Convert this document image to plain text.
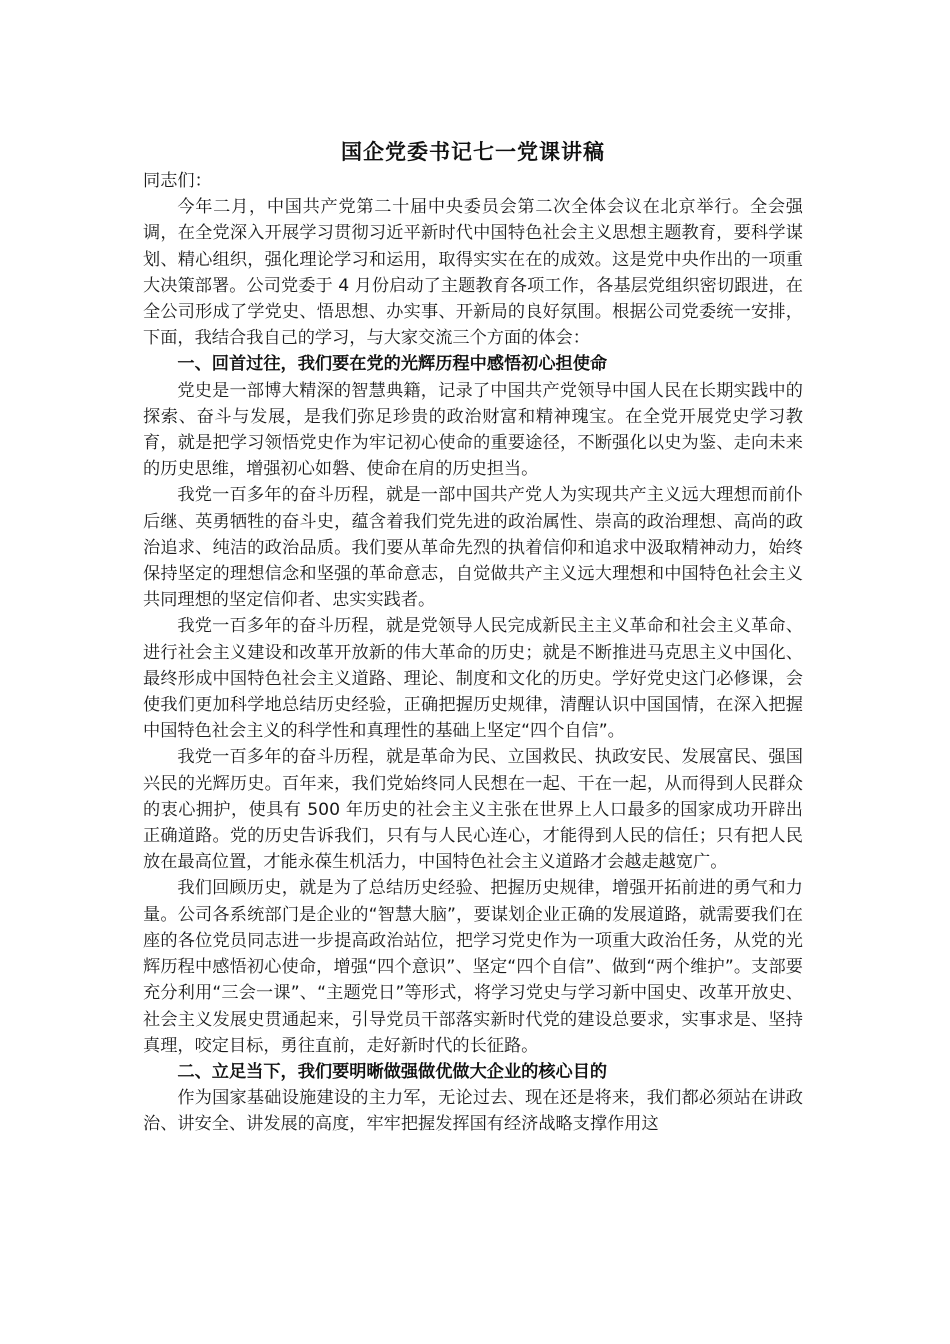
国企党委书记七一党课讲稿

同志们：

今年二月，中国共产党第二十届中央委员会第二次全体会议在北京举行。全会强调，在全党深入开展学习贯彻习近平新时代中国特色社会主义思想主题教育，要科学谋划、精心组织，强化理论学习和运用，取得实实在在的成效。这是党中央作出的一项重大决策部署。公司党委于 4 月份启动了主题教育各项工作，各基层党组织密切跟进，在全公司形成了学党史、悟思想、办实事、开新局的良好氛围。根据公司党委统一安排，下面，我结合我自己的学习，与大家交流三个方面的体会：

一、回首过往，我们要在党的光辉历程中感悟初心担使命

党史是一部博大精深的智慧典籍，记录了中国共产党领导中国人民在长期实践中的探索、奋斗与发展，是我们弥足珍贵的政治财富和精神瑰宝。在全党开展党史学习教育，就是把学习领悟党史作为牢记初心使命的重要途径，不断强化以史为鉴、走向未来的历史思维，增强初心如磐、使命在肩的历史担当。

我党一百多年的奋斗历程，就是一部中国共产党人为实现共产主义远大理想而前仆后继、英勇牺牲的奋斗史，蕴含着我们党先进的政治属性、崇高的政治理想、高尚的政治追求、纯洁的政治品质。我们要从革命先烈的执着信仰和追求中汲取精神动力，始终保持坚定的理想信念和坚强的革命意志，自觉做共产主义远大理想和中国特色社会主义共同理想的坚定信仰者、忠实实践者。

我党一百多年的奋斗历程，就是党领导人民完成新民主主义革命和社会主义革命、进行社会主义建设和改革开放新的伟大革命的历史；就是不断推进马克思主义中国化、最终形成中国特色社会主义道路、理论、制度和文化的历史。学好党史这门必修课，会使我们更加科学地总结历史经验，正确把握历史规律，清醒认识中国国情，在深入把握中国特色社会主义的科学性和真理性的基础上坚定“四个自信”。

我党一百多年的奋斗历程，就是革命为民、立国救民、执政安民、发展富民、强国兴民的光辉历史。百年来，我们党始终同人民想在一起、干在一起，从而得到人民群众的衷心拥护，使具有 500 年历史的社会主义主张在世界上人口最多的国家成功开辟出正确道路。党的历史告诉我们，只有与人民心连心，才能得到人民的信任；只有把人民放在最高位置，才能永葆生机活力，中国特色社会主义道路才会越走越宽广。

我们回顾历史，就是为了总结历史经验、把握历史规律，增强开拓前进的勇气和力量。公司各系统部门是企业的“智慧大脑”，要谋划企业正确的发展道路，就需要我们在座的各位党员同志进一步提高政治站位，把学习党史作为一项重大政治任务，从党的光辉历程中感悟初心使命，增强“四个意识”、坚定“四个自信”、做到“两个维护”。支部要充分利用“三会一课”、“主题党日”等形式，将学习党史与学习新中国史、改革开放史、社会主义发展史贯通起来，引导党员干部落实新时代党的建设总要求，实事求是、坚持真理，咬定目标，勇往直前，走好新时代的长征路。

二、立足当下，我们要明晰做强做优做大企业的核心目的

作为国家基础设施建设的主力军，无论过去、现在还是将来，我们都必须站在讲政治、讲安全、讲发展的高度，牢牢把握发挥国有经济战略支撑作用这
